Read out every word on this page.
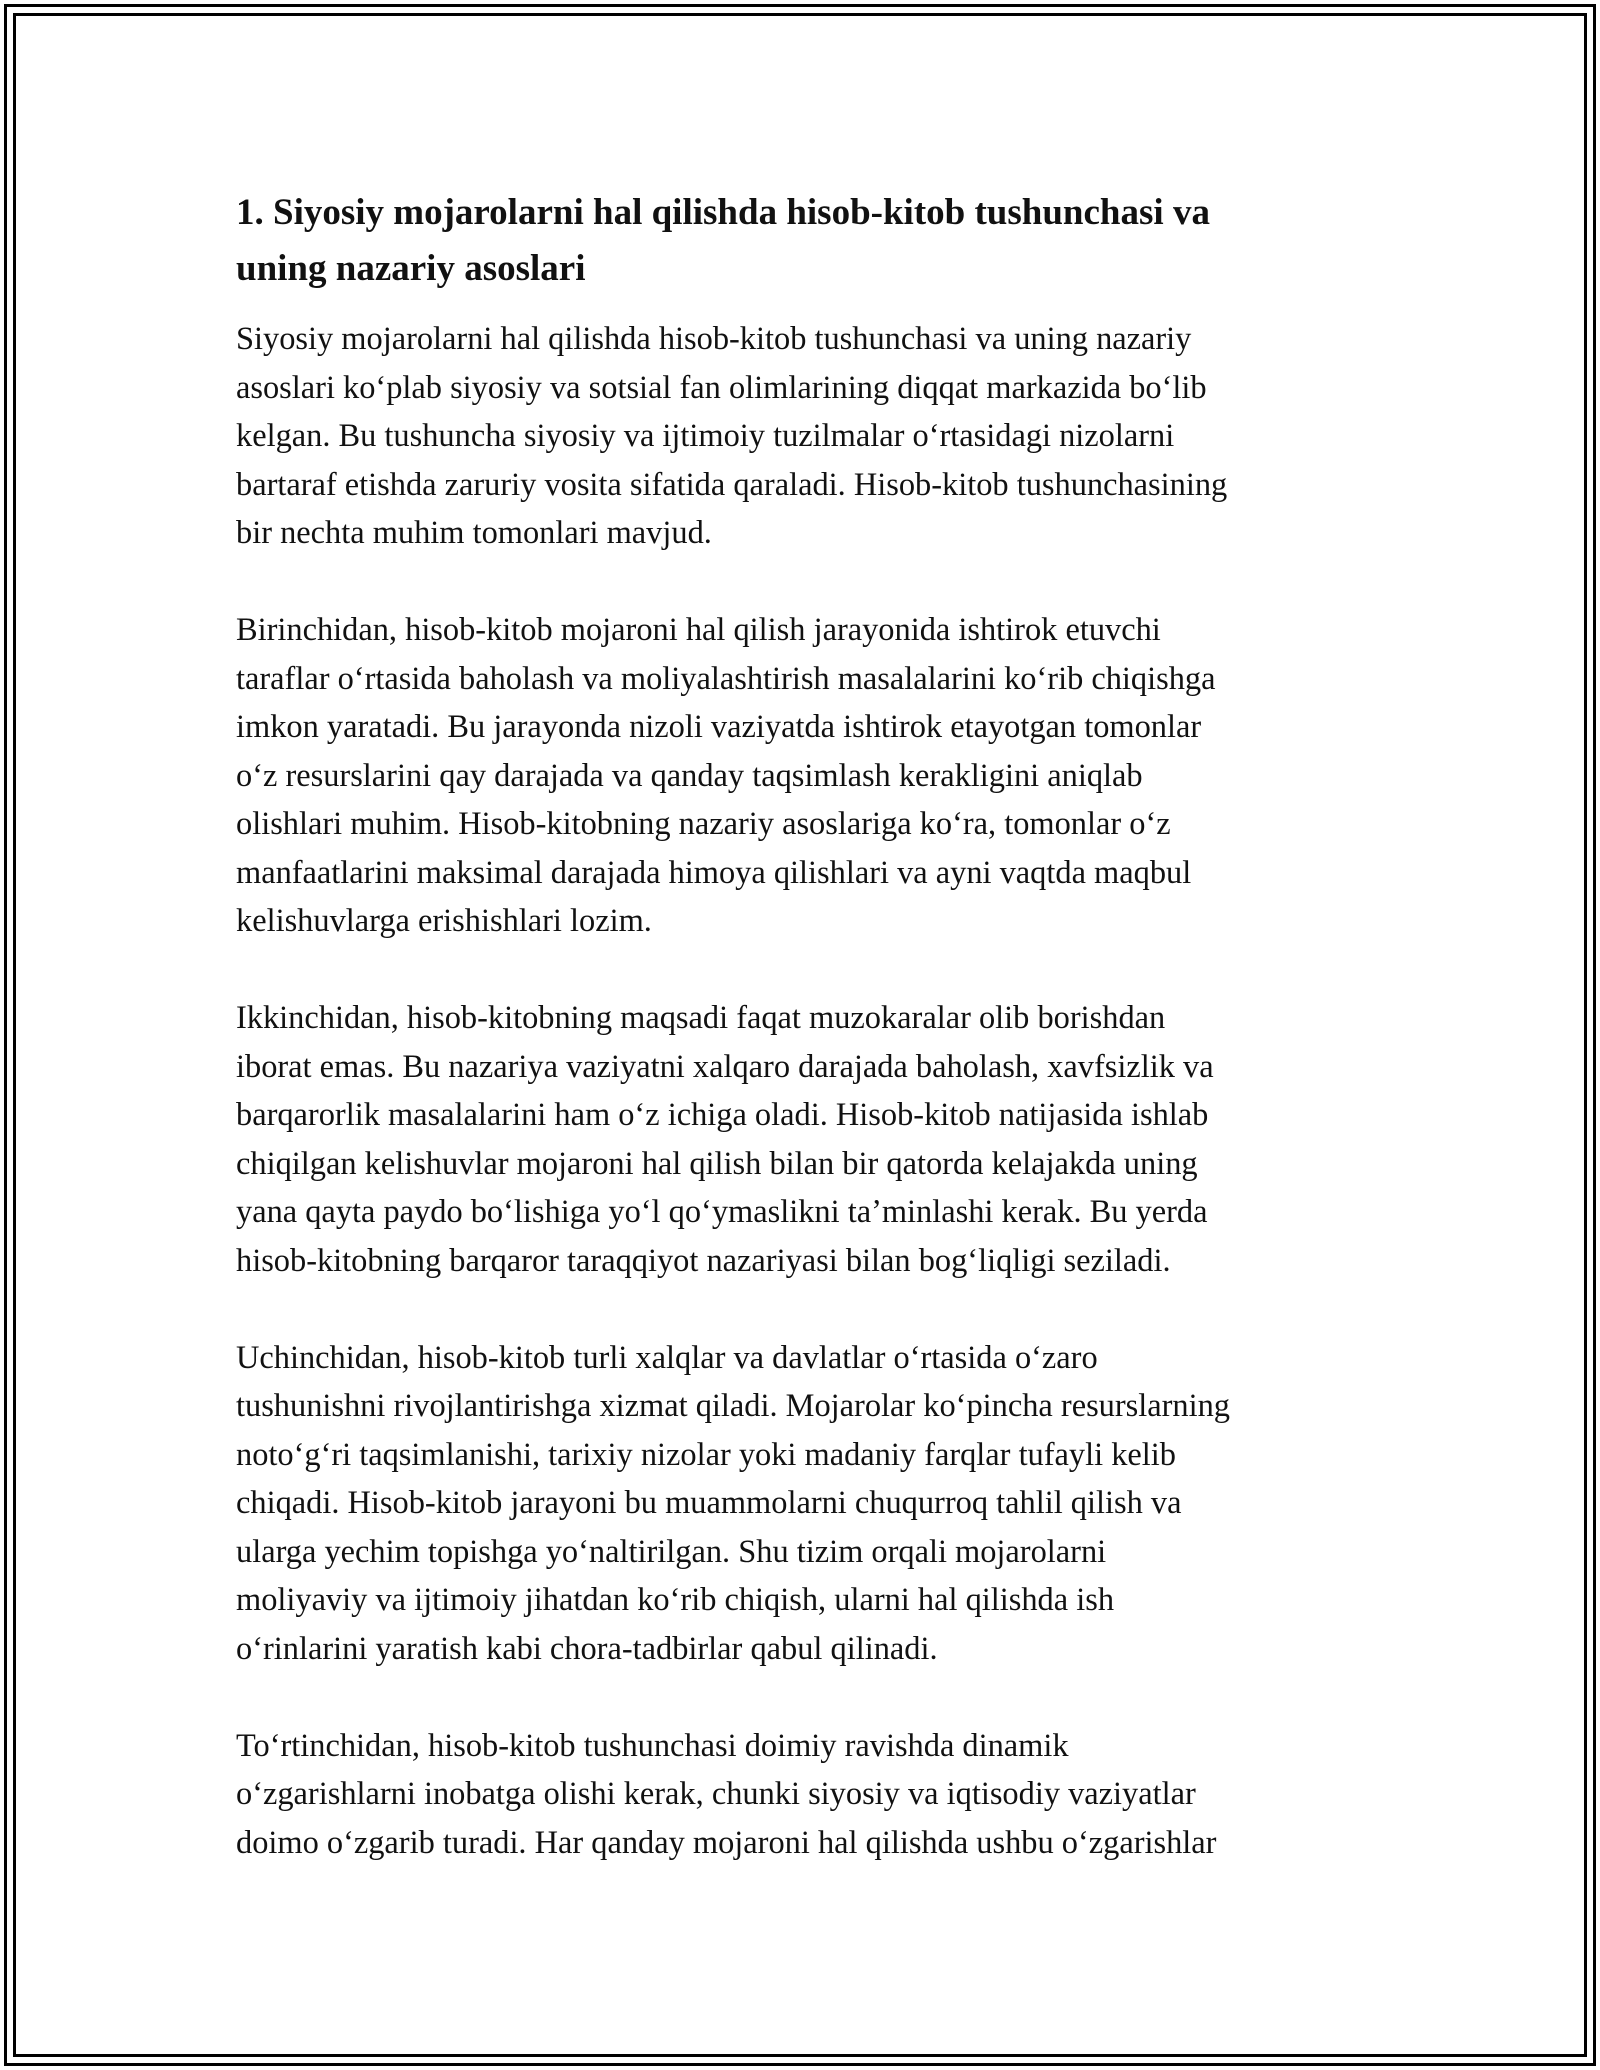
1. Siyosiy mojarolarni hal qilishda hisob-kitob tushunchasi va
uning nazariy asoslari

Siyosiy mojarolarni hal qilishda hisob-kitob tushunchasi va uning nazariy
asoslari koʻplab siyosiy va sotsial fan olimlarining diqqat markazida boʻlib
kelgan. Bu tushuncha siyosiy va ijtimoiy tuzilmalar oʻrtasidagi nizolarni
bartaraf etishda zaruriy vosita sifatida qaraladi. Hisob-kitob tushunchasining
bir nechta muhim tomonlari mavjud.

Birinchidan, hisob-kitob mojaroni hal qilish jarayonida ishtirok etuvchi
taraflar oʻrtasida baholash va moliyalashtirish masalalarini koʻrib chiqishga
imkon yaratadi. Bu jarayonda nizoli vaziyatda ishtirok etayotgan tomonlar
oʻz resurslarini qay darajada va qanday taqsimlash kerakligini aniqlab
olishlari muhim. Hisob-kitobning nazariy asoslariga koʻra, tomonlar oʻz
manfaatlarini maksimal darajada himoya qilishlari va ayni vaqtda maqbul
kelishuvlarga erishishlari lozim.

Ikkinchidan, hisob-kitobning maqsadi faqat muzokaralar olib borishdan
iborat emas. Bu nazariya vaziyatni xalqaro darajada baholash, xavfsizlik va
barqarorlik masalalarini ham oʻz ichiga oladi. Hisob-kitob natijasida ishlab
chiqilgan kelishuvlar mojaroni hal qilish bilan bir qatorda kelajakda uning
yana qayta paydo boʻlishiga yoʻl qoʻymaslikni taʼminlashi kerak. Bu yerda
hisob-kitobning barqaror taraqqiyot nazariyasi bilan bogʻliqligi seziladi.

Uchinchidan, hisob-kitob turli xalqlar va davlatlar oʻrtasida oʻzaro
tushunishni rivojlantirishga xizmat qiladi. Mojarolar koʻpincha resurslarning
notoʻgʻri taqsimlanishi, tarixiy nizolar yoki madaniy farqlar tufayli kelib
chiqadi. Hisob-kitob jarayoni bu muammolarni chuqurroq tahlil qilish va
ularga yechim topishga yoʻnaltirilgan. Shu tizim orqali mojarolarni
moliyaviy va ijtimoiy jihatdan koʻrib chiqish, ularni hal qilishda ish
oʻrinlarini yaratish kabi chora-tadbirlar qabul qilinadi.

Toʻrtinchidan, hisob-kitob tushunchasi doimiy ravishda dinamik
oʻzgarishlarni inobatga olishi kerak, chunki siyosiy va iqtisodiy vaziyatlar
doimo oʻzgarib turadi. Har qanday mojaroni hal qilishda ushbu oʻzgarishlar
